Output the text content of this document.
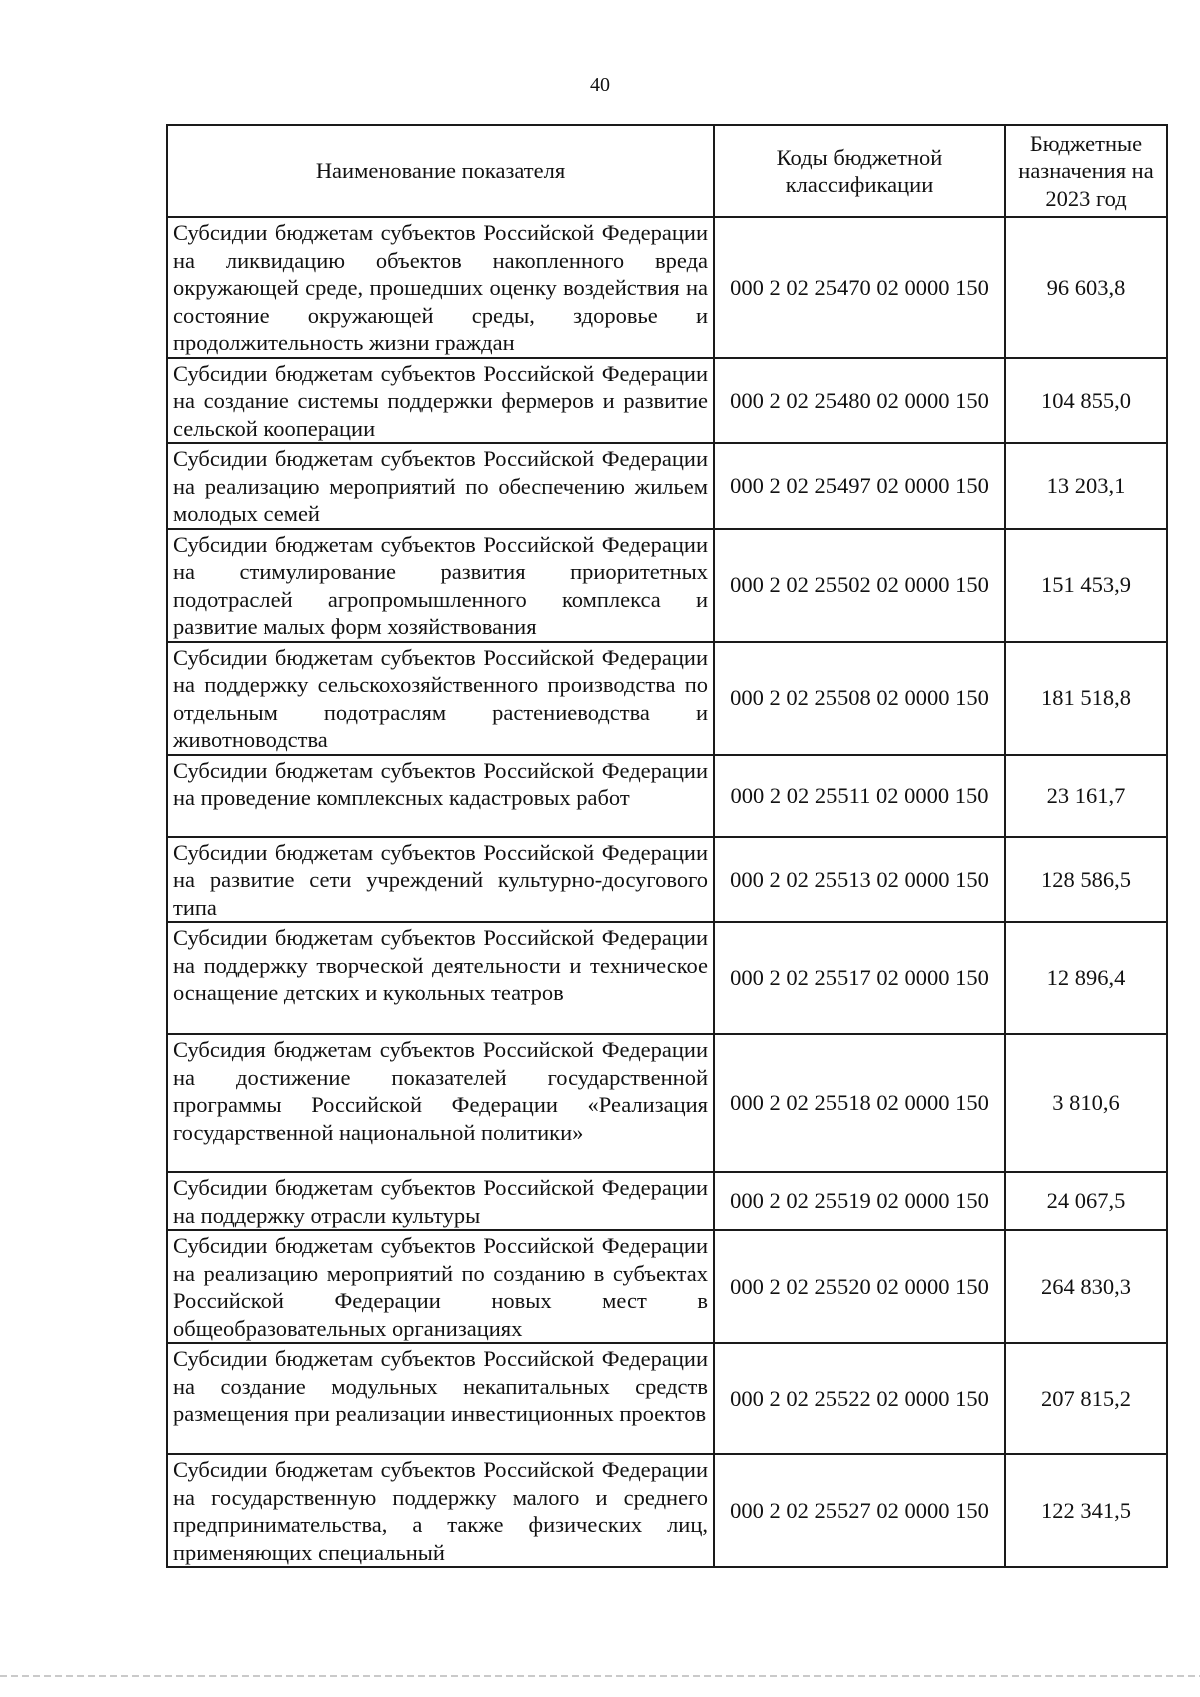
40
Наименование показателя	Коды бюджетной классификации	Бюджетные назначения на 2023 год
Субсидии бюджетам субъектов Российской Федерации на ликвидацию объектов накопленного вреда окружающей среде, прошедших оценку воздействия на состояние окружающей среды, здоровье и продолжительность жизни граждан	000 2 02 25470 02 0000 150	96 603,8
Субсидии бюджетам субъектов Российской Федерации на создание системы поддержки фермеров и развитие сельской кооперации	000 2 02 25480 02 0000 150	104 855,0
Субсидии бюджетам субъектов Российской Федерации на реализацию мероприятий по обеспечению жильем молодых семей	000 2 02 25497 02 0000 150	13 203,1
Субсидии бюджетам субъектов Российской Федерации на стимулирование развития приоритетных подотраслей агропромышленного комплекса и развитие малых форм хозяйствования	000 2 02 25502 02 0000 150	151 453,9
Субсидии бюджетам субъектов Российской Федерации на поддержку сельскохозяйственного производства по отдельным подотраслям растениеводства и животноводства	000 2 02 25508 02 0000 150	181 518,8
Субсидии бюджетам субъектов Российской Федерации на проведение комплексных кадастровых работ	000 2 02 25511 02 0000 150	23 161,7
Субсидии бюджетам субъектов Российской Федерации на развитие сети учреждений культурно-досугового типа	000 2 02 25513 02 0000 150	128 586,5
Субсидии бюджетам субъектов Российской Федерации на поддержку творческой деятельности и техническое оснащение детских и кукольных театров	000 2 02 25517 02 0000 150	12 896,4
Субсидия бюджетам субъектов Российской Федерации на достижение показателей государственной программы Российской Федерации «Реализация государственной национальной политики»	000 2 02 25518 02 0000 150	3 810,6
Субсидии бюджетам субъектов Российской Федерации на поддержку отрасли культуры	000 2 02 25519 02 0000 150	24 067,5
Субсидии бюджетам субъектов Российской Федерации на реализацию мероприятий по созданию в субъектах Российской Федерации новых мест в общеобразовательных организациях	000 2 02 25520 02 0000 150	264 830,3
Субсидии бюджетам субъектов Российской Федерации на создание модульных некапитальных средств размещения при реализации инвестиционных проектов	000 2 02 25522 02 0000 150	207 815,2
Субсидии бюджетам субъектов Российской Федерации на государственную поддержку малого и среднего предпринимательства, а также физических лиц, применяющих специальный	000 2 02 25527 02 0000 150	122 341,5
